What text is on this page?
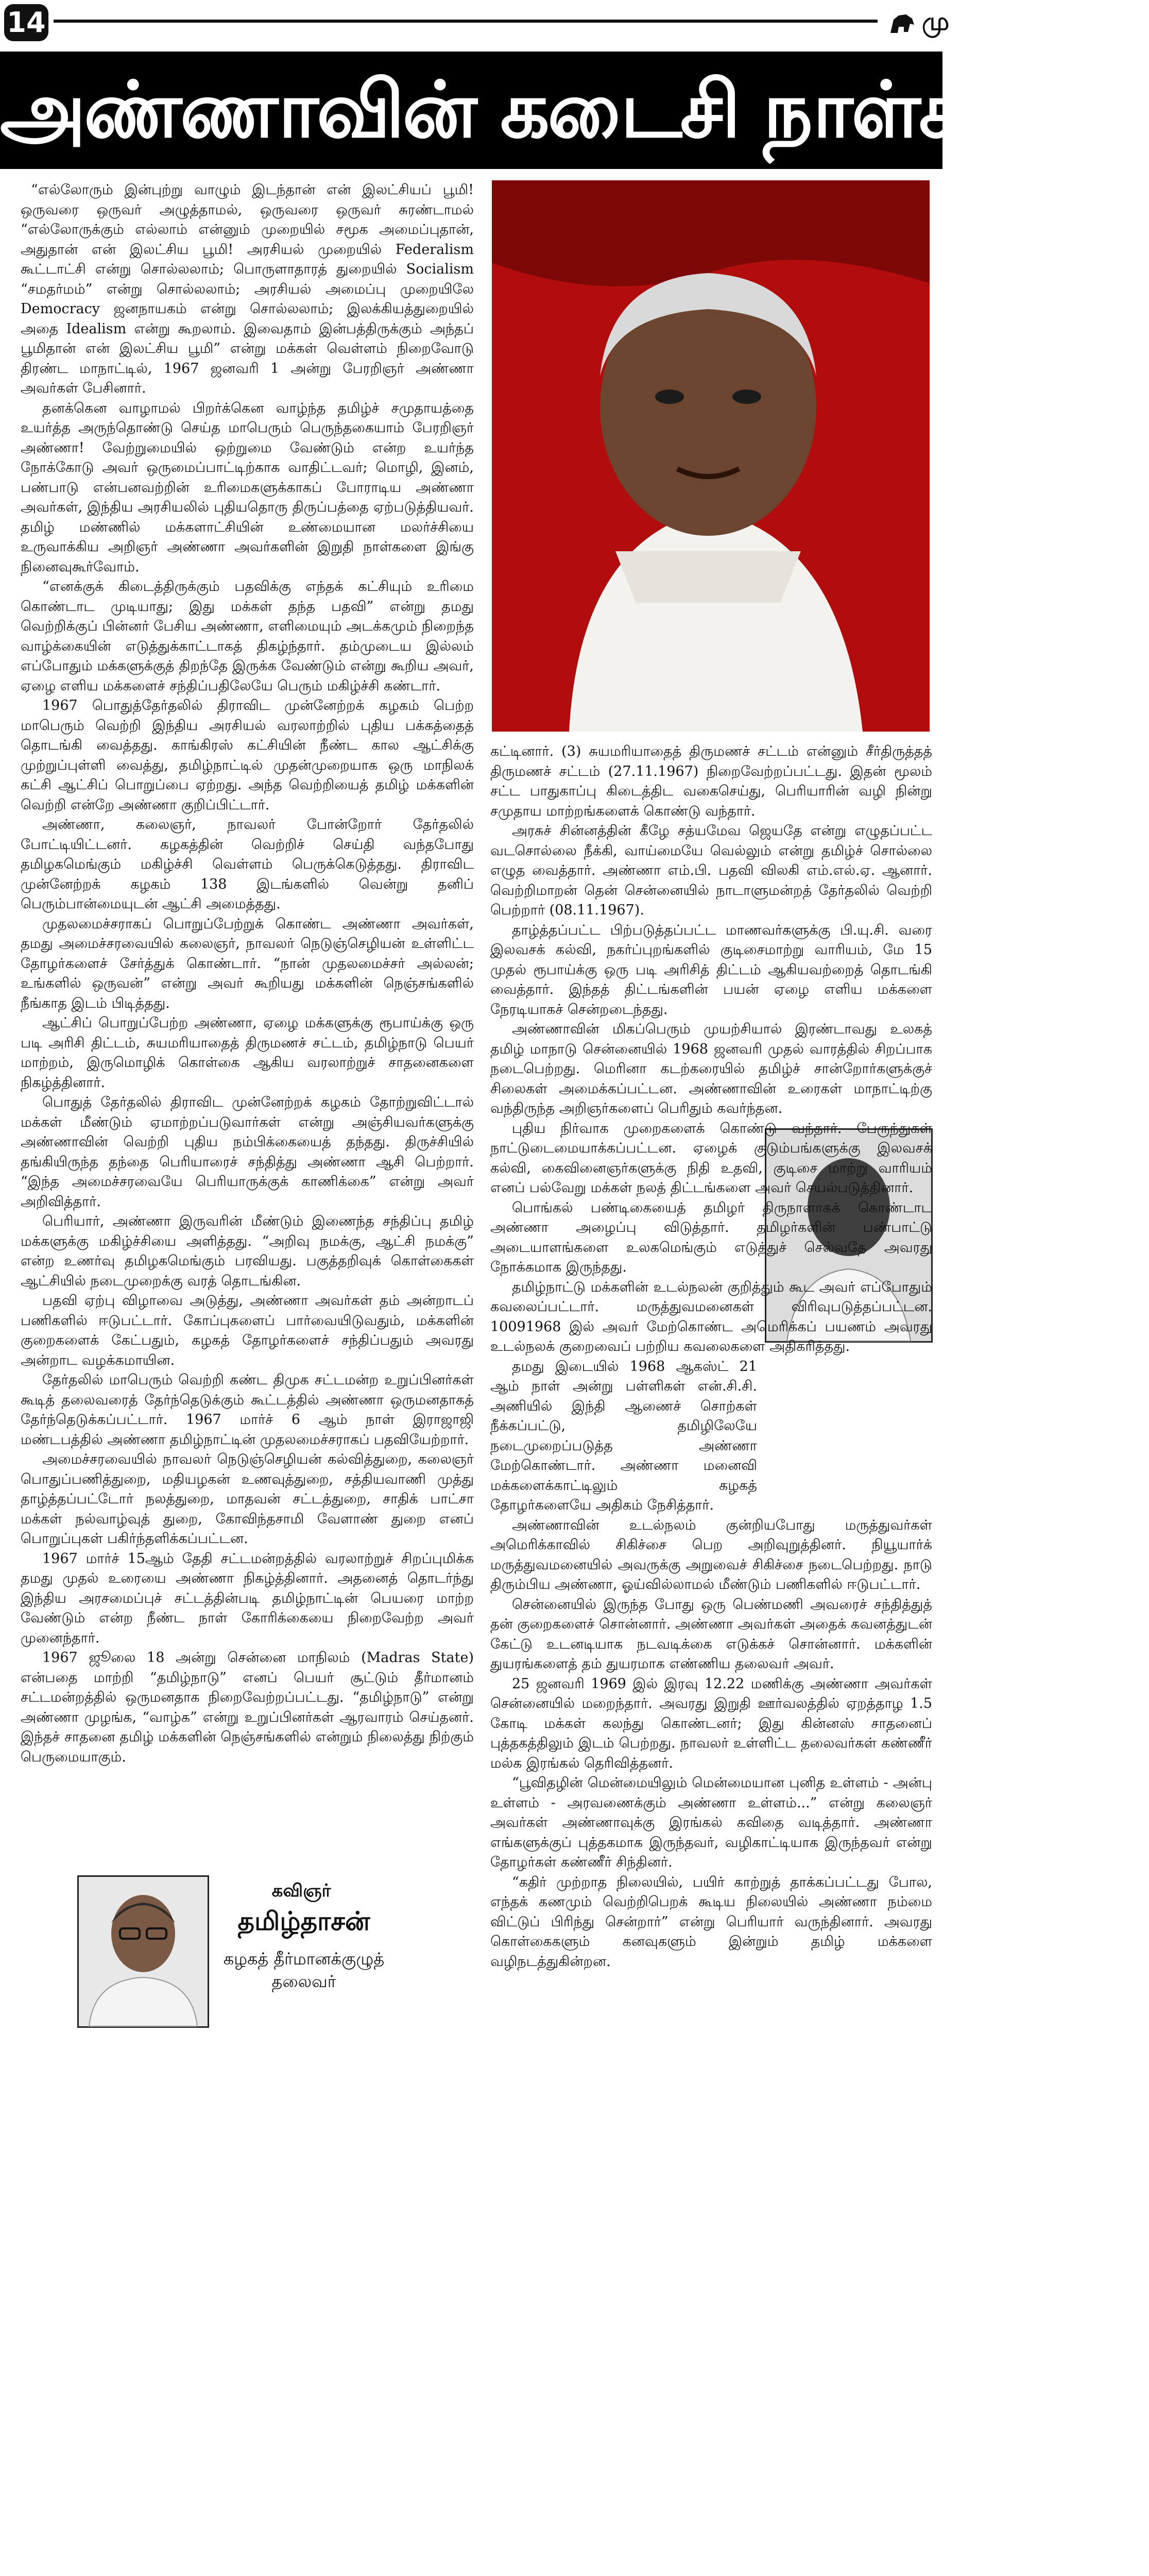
14	மு
அண்ணாவின் கடைசி நாள்கள்!...

“எல்லோரும் இன்புற்று வாழும் இடந்தான் என் இலட்சியப் பூமி! ஒருவரை ஒருவர் அழுத்தாமல், ஒருவரை ஒருவர் சுரண்டாமல் “எல்லோருக்கும் எல்லாம் என்னும் முறையில் சமூக அமைப்புதான், அதுதான் என் இலட்சிய பூமி! அரசியல் முறையில் Federalism கூட்டாட்சி என்று சொல்லலாம்; பொருளாதாரத் துறையில் Socialism “சமதர்மம்” என்று சொல்லலாம்; அரசியல் அமைப்பு முறையிலே Democracy ஜனநாயகம் என்று சொல்லலாம்; இலக்கியத்துறையில் அதை Idealism என்று கூறலாம். இவைதாம் இன்பத்திருக்கும் அந்தப் பூமிதான் என் இலட்சிய பூமி” என்று மக்கள் வெள்ளம் நிறைவோடு திரண்ட மாநாட்டில், 1967 ஜனவரி 1 அன்று பேரறிஞர் அண்ணா அவர்கள் பேசினார்.

தனக்கென வாழாமல் பிறர்க்கென வாழ்ந்த தமிழ்ச் சமுதாயத்தை உயர்த்த அருந்தொண்டு செய்த மாபெரும் பெருந்தகையாம் பேரறிஞர் அண்ணா! வேற்றுமையில் ஒற்றுமை வேண்டும் என்ற உயர்ந்த நோக்கோடு அவர் ஒருமைப்பாட்டிற்காக வாதிட்டவர்; மொழி, இனம், பண்பாடு என்பனவற்றின் உரிமைகளுக்காகப் போராடிய அண்ணா அவர்கள், இந்திய அரசியலில் புதியதொரு திருப்பத்தை ஏற்படுத்தியவர். தமிழ் மண்ணில் மக்களாட்சியின் உண்மையான மலர்ச்சியை உருவாக்கிய அறிஞர் அண்ணா அவர்களின் இறுதி நாள்களை இங்கு நினைவுகூர்வோம்.

“எனக்குக் கிடைத்திருக்கும் பதவிக்கு எந்தக் கட்சியும் உரிமை கொண்டாட முடியாது; இது மக்கள் தந்த பதவி” என்று தமது வெற்றிக்குப் பின்னர் பேசிய அண்ணா, எளிமையும் அடக்கமும் நிறைந்த வாழ்க்கையின் எடுத்துக்காட்டாகத் திகழ்ந்தார். தம்முடைய இல்லம் எப்போதும் மக்களுக்குத் திறந்தே இருக்க வேண்டும் என்று கூறிய அவர், ஏழை எளிய மக்களைச் சந்திப்பதிலேயே பெரும் மகிழ்ச்சி கண்டார்.

1967 பொதுத்தேர்தலில் திராவிட முன்னேற்றக் கழகம் பெற்ற மாபெரும் வெற்றி இந்திய அரசியல் வரலாற்றில் புதிய பக்கத்தைத் தொடங்கி வைத்தது. காங்கிரஸ் கட்சியின் நீண்ட கால ஆட்சிக்கு முற்றுப்புள்ளி வைத்து, தமிழ்நாட்டில் முதன்முறையாக ஒரு மாநிலக் கட்சி ஆட்சிப் பொறுப்பை ஏற்றது. அந்த வெற்றியைத் தமிழ் மக்களின் வெற்றி என்றே அண்ணா குறிப்பிட்டார்.

அண்ணா, கலைஞர், நாவலர் போன்றோர் தேர்தலில் போட்டியிட்டனர். கழகத்தின் வெற்றிச் செய்தி வந்தபோது தமிழகமெங்கும் மகிழ்ச்சி வெள்ளம் பெருக்கெடுத்தது. திராவிட முன்னேற்றக் கழகம் 138 இடங்களில் வென்று தனிப் பெரும்பான்மையுடன் ஆட்சி அமைத்தது.

முதலமைச்சராகப் பொறுப்பேற்றுக் கொண்ட அண்ணா அவர்கள், தமது அமைச்சரவையில் கலைஞர், நாவலர் நெடுஞ்செழியன் உள்ளிட்ட தோழர்களைச் சேர்த்துக் கொண்டார். “நான் முதலமைச்சர் அல்லன்; உங்களில் ஒருவன்” என்று அவர் கூறியது மக்களின் நெஞ்சங்களில் நீங்காத இடம் பிடித்தது.

ஆட்சிப் பொறுப்பேற்ற அண்ணா, ஏழை மக்களுக்கு ரூபாய்க்கு ஒரு படி அரிசி திட்டம், சுயமரியாதைத் திருமணச் சட்டம், தமிழ்நாடு பெயர் மாற்றம், இருமொழிக் கொள்கை ஆகிய வரலாற்றுச் சாதனைகளை நிகழ்த்தினார்.

பொதுத் தேர்தலில் திராவிட முன்னேற்றக் கழகம் தோற்றுவிட்டால் மக்கள் மீண்டும் ஏமாற்றப்படுவார்கள் என்று அஞ்சியவர்களுக்கு அண்ணாவின் வெற்றி புதிய நம்பிக்கையைத் தந்தது. திருச்சியில் தங்கியிருந்த தந்தை பெரியாரைச் சந்தித்து அண்ணா ஆசி பெற்றார். “இந்த அமைச்சரவையே பெரியாருக்குக் காணிக்கை” என்று அவர் அறிவித்தார்.

பெரியார், அண்ணா இருவரின் மீண்டும் இணைந்த சந்திப்பு தமிழ் மக்களுக்கு மகிழ்ச்சியை அளித்தது. “அறிவு நமக்கு, ஆட்சி நமக்கு” என்ற உணர்வு தமிழகமெங்கும் பரவியது. பகுத்தறிவுக் கொள்கைகள் ஆட்சியில் நடைமுறைக்கு வரத் தொடங்கின.

பதவி ஏற்பு விழாவை அடுத்து, அண்ணா அவர்கள் தம் அன்றாடப் பணிகளில் ஈடுபட்டார். கோப்புகளைப் பார்வையிடுவதும், மக்களின் குறைகளைக் கேட்பதும், கழகத் தோழர்களைச் சந்திப்பதும் அவரது அன்றாட வழக்கமாயின.

தேர்தலில் மாபெரும் வெற்றி கண்ட திமுக சட்டமன்ற உறுப்பினர்கள் கூடித் தலைவரைத் தேர்ந்தெடுக்கும் கூட்டத்தில் அண்ணா ஒருமனதாகத் தேர்ந்தெடுக்கப்பட்டார். 1967 மார்ச் 6 ஆம் நாள் இராஜாஜி மண்டபத்தில் அண்ணா தமிழ்நாட்டின் முதலமைச்சராகப் பதவியேற்றார்.

அமைச்சரவையில் நாவலர் நெடுஞ்செழியன் கல்வித்துறை, கலைஞர் பொதுப்பணித்துறை, மதியழகன் உணவுத்துறை, சத்தியவாணி முத்து தாழ்த்தப்பட்டோர் நலத்துறை, மாதவன் சட்டத்துறை, சாதிக் பாட்சா மக்கள் நல்வாழ்வுத் துறை, கோவிந்தசாமி வேளாண் துறை எனப் பொறுப்புகள் பகிர்ந்தளிக்கப்பட்டன.

1967 மார்ச் 15ஆம் தேதி சட்டமன்றத்தில் வரலாற்றுச் சிறப்புமிக்க தமது முதல் உரையை அண்ணா நிகழ்த்தினார். அதனைத் தொடர்ந்து இந்திய அரசமைப்புச் சட்டத்தின்படி தமிழ்நாட்டின் பெயரை மாற்ற வேண்டும் என்ற நீண்ட நாள் கோரிக்கையை நிறைவேற்ற அவர் முனைந்தார்.

1967 ஜூலை 18 அன்று சென்னை மாநிலம் (Madras State) என்பதை மாற்றி “தமிழ்நாடு” எனப் பெயர் சூட்டும் தீர்மானம் சட்டமன்றத்தில் ஒருமனதாக நிறைவேற்றப்பட்டது. “தமிழ்நாடு” என்று அண்ணா முழங்க, “வாழ்க” என்று உறுப்பினர்கள் ஆரவாரம் செய்தனர். இந்தச் சாதனை தமிழ் மக்களின் நெஞ்சங்களில் என்றும் நிலைத்து நிற்கும் பெருமையாகும்.

கவிஞர்
தமிழ்தாசன்
கழகத் தீர்மானக்குழுத் தலைவர்

கட்டினார். (3) சுயமரியாதைத் திருமணச் சட்டம் என்னும் சீர்திருத்தத் திருமணச் சட்டம் (27.11.1967) நிறைவேற்றப்பட்டது. இதன் மூலம் சட்ட பாதுகாப்பு கிடைத்திட வகைசெய்து, பெரியாரின் வழி நின்று சமுதாய மாற்றங்களைக் கொண்டு வந்தார்.

அரசுச் சின்னத்தின் கீழே சத்யமேவ ஜெயதே என்று எழுதப்பட்ட வடசொல்லை நீக்கி, வாய்மையே வெல்லும் என்று தமிழ்ச் சொல்லை எழுத வைத்தார். அண்ணா எம்.பி. பதவி விலகி எம்.எல்.ஏ. ஆனார். வெற்றிமாறன் தென் சென்னையில் நாடாளுமன்றத் தேர்தலில் வெற்றி பெற்றார் (08.11.1967).

தாழ்த்தப்பட்ட பிற்படுத்தப்பட்ட மாணவர்களுக்கு பி.யு.சி. வரை இலவசக் கல்வி, நகர்ப்புறங்களில் குடிசைமாற்று வாரியம், மே 15 முதல் ரூபாய்க்கு ஒரு படி அரிசித் திட்டம் ஆகியவற்றைத் தொடங்கி வைத்தார். இந்தத் திட்டங்களின் பயன் ஏழை எளிய மக்களை நேரடியாகச் சென்றடைந்தது.

அண்ணாவின் மிகப்பெரும் முயற்சியால் இரண்டாவது உலகத் தமிழ் மாநாடு சென்னையில் 1968 ஜனவரி முதல் வாரத்தில் சிறப்பாக நடைபெற்றது. மெரினா கடற்கரையில் தமிழ்ச் சான்றோர்களுக்குச் சிலைகள் அமைக்கப்பட்டன. அண்ணாவின் உரைகள் மாநாட்டிற்கு வந்திருந்த அறிஞர்களைப் பெரிதும் கவர்ந்தன.

புதிய நிர்வாக முறைகளைக் கொண்டு வந்தார். பேருந்துகள் நாட்டுடைமையாக்கப்பட்டன. ஏழைக் குடும்பங்களுக்கு இலவசக் கல்வி, கைவினைஞர்களுக்கு நிதி உதவி, குடிசை மாற்று வாரியம் எனப் பல்வேறு மக்கள் நலத் திட்டங்களை அவர் செயல்படுத்தினார்.

பொங்கல் பண்டிகையைத் தமிழர் திருநாளாகக் கொண்டாட அண்ணா அழைப்பு விடுத்தார். தமிழர்களின் பண்பாட்டு அடையாளங்களை உலகமெங்கும் எடுத்துச் செல்வதே அவரது நோக்கமாக இருந்தது.

தமிழ்நாட்டு மக்களின் உடல்நலன் குறித்தும் கூட அவர் எப்போதும் கவலைப்பட்டார். மருத்துவமனைகள் விரிவுபடுத்தப்பட்டன. 10091968 இல் அவர் மேற்கொண்ட அமெரிக்கப் பயணம் அவரது உடல்நலக் குறைவைப் பற்றிய கவலைகளை அதிகரித்தது.

தமது இடையில் 1968 ஆகஸ்ட் 21 ஆம் நாள் அன்று பள்ளிகள் என்.சி.சி. அணியில் இந்தி ஆணைச் சொற்கள் நீக்கப்பட்டு, தமிழிலேயே நடைமுறைப்படுத்த அண்ணா மேற்கொண்டார். அண்ணா மனைவி மக்களைக்காட்டிலும் கழகத் தோழர்களையே அதிகம் நேசித்தார்.

அண்ணாவின் உடல்நலம் குன்றியபோது மருத்துவர்கள் அமெரிக்காவில் சிகிச்சை பெற அறிவுறுத்தினர். நியூயார்க் மருத்துவமனையில் அவருக்கு அறுவைச் சிகிச்சை நடைபெற்றது. நாடு திரும்பிய அண்ணா, ஓய்வில்லாமல் மீண்டும் பணிகளில் ஈடுபட்டார்.

சென்னையில் இருந்த போது ஒரு பெண்மணி அவரைச் சந்தித்துத் தன் குறைகளைச் சொன்னார். அண்ணா அவர்கள் அதைக் கவனத்துடன் கேட்டு உடனடியாக நடவடிக்கை எடுக்கச் சொன்னார். மக்களின் துயரங்களைத் தம் துயரமாக எண்ணிய தலைவர் அவர்.

25 ஜனவரி 1969 இல் இரவு 12.22 மணிக்கு அண்ணா அவர்கள் சென்னையில் மறைந்தார். அவரது இறுதி ஊர்வலத்தில் ஏறத்தாழ 1.5 கோடி மக்கள் கலந்து கொண்டனர்; இது கின்னஸ் சாதனைப் புத்தகத்திலும் இடம் பெற்றது. நாவலர் உள்ளிட்ட தலைவர்கள் கண்ணீர் மல்க இரங்கல் தெரிவித்தனர்.

“பூவிதழின் மென்மையிலும் மென்மையான புனித உள்ளம் - அன்பு உள்ளம் - அரவணைக்கும் அண்ணா உள்ளம்...” என்று கலைஞர் அவர்கள் அண்ணாவுக்கு இரங்கல் கவிதை வடித்தார். அண்ணா எங்களுக்குப் புத்தகமாக இருந்தவர், வழிகாட்டியாக இருந்தவர் என்று தோழர்கள் கண்ணீர் சிந்தினர்.

“கதிர் முற்றாத நிலையில், பயிர் காற்றுத் தாக்கப்பட்டது போல, எந்தக் கணமும் வெற்றிபெறக் கூடிய நிலையில் அண்ணா நம்மை விட்டுப் பிரிந்து சென்றார்” என்று பெரியார் வருந்தினார். அவரது கொள்கைகளும் கனவுகளும் இன்றும் தமிழ் மக்களை வழிநடத்துகின்றன.
